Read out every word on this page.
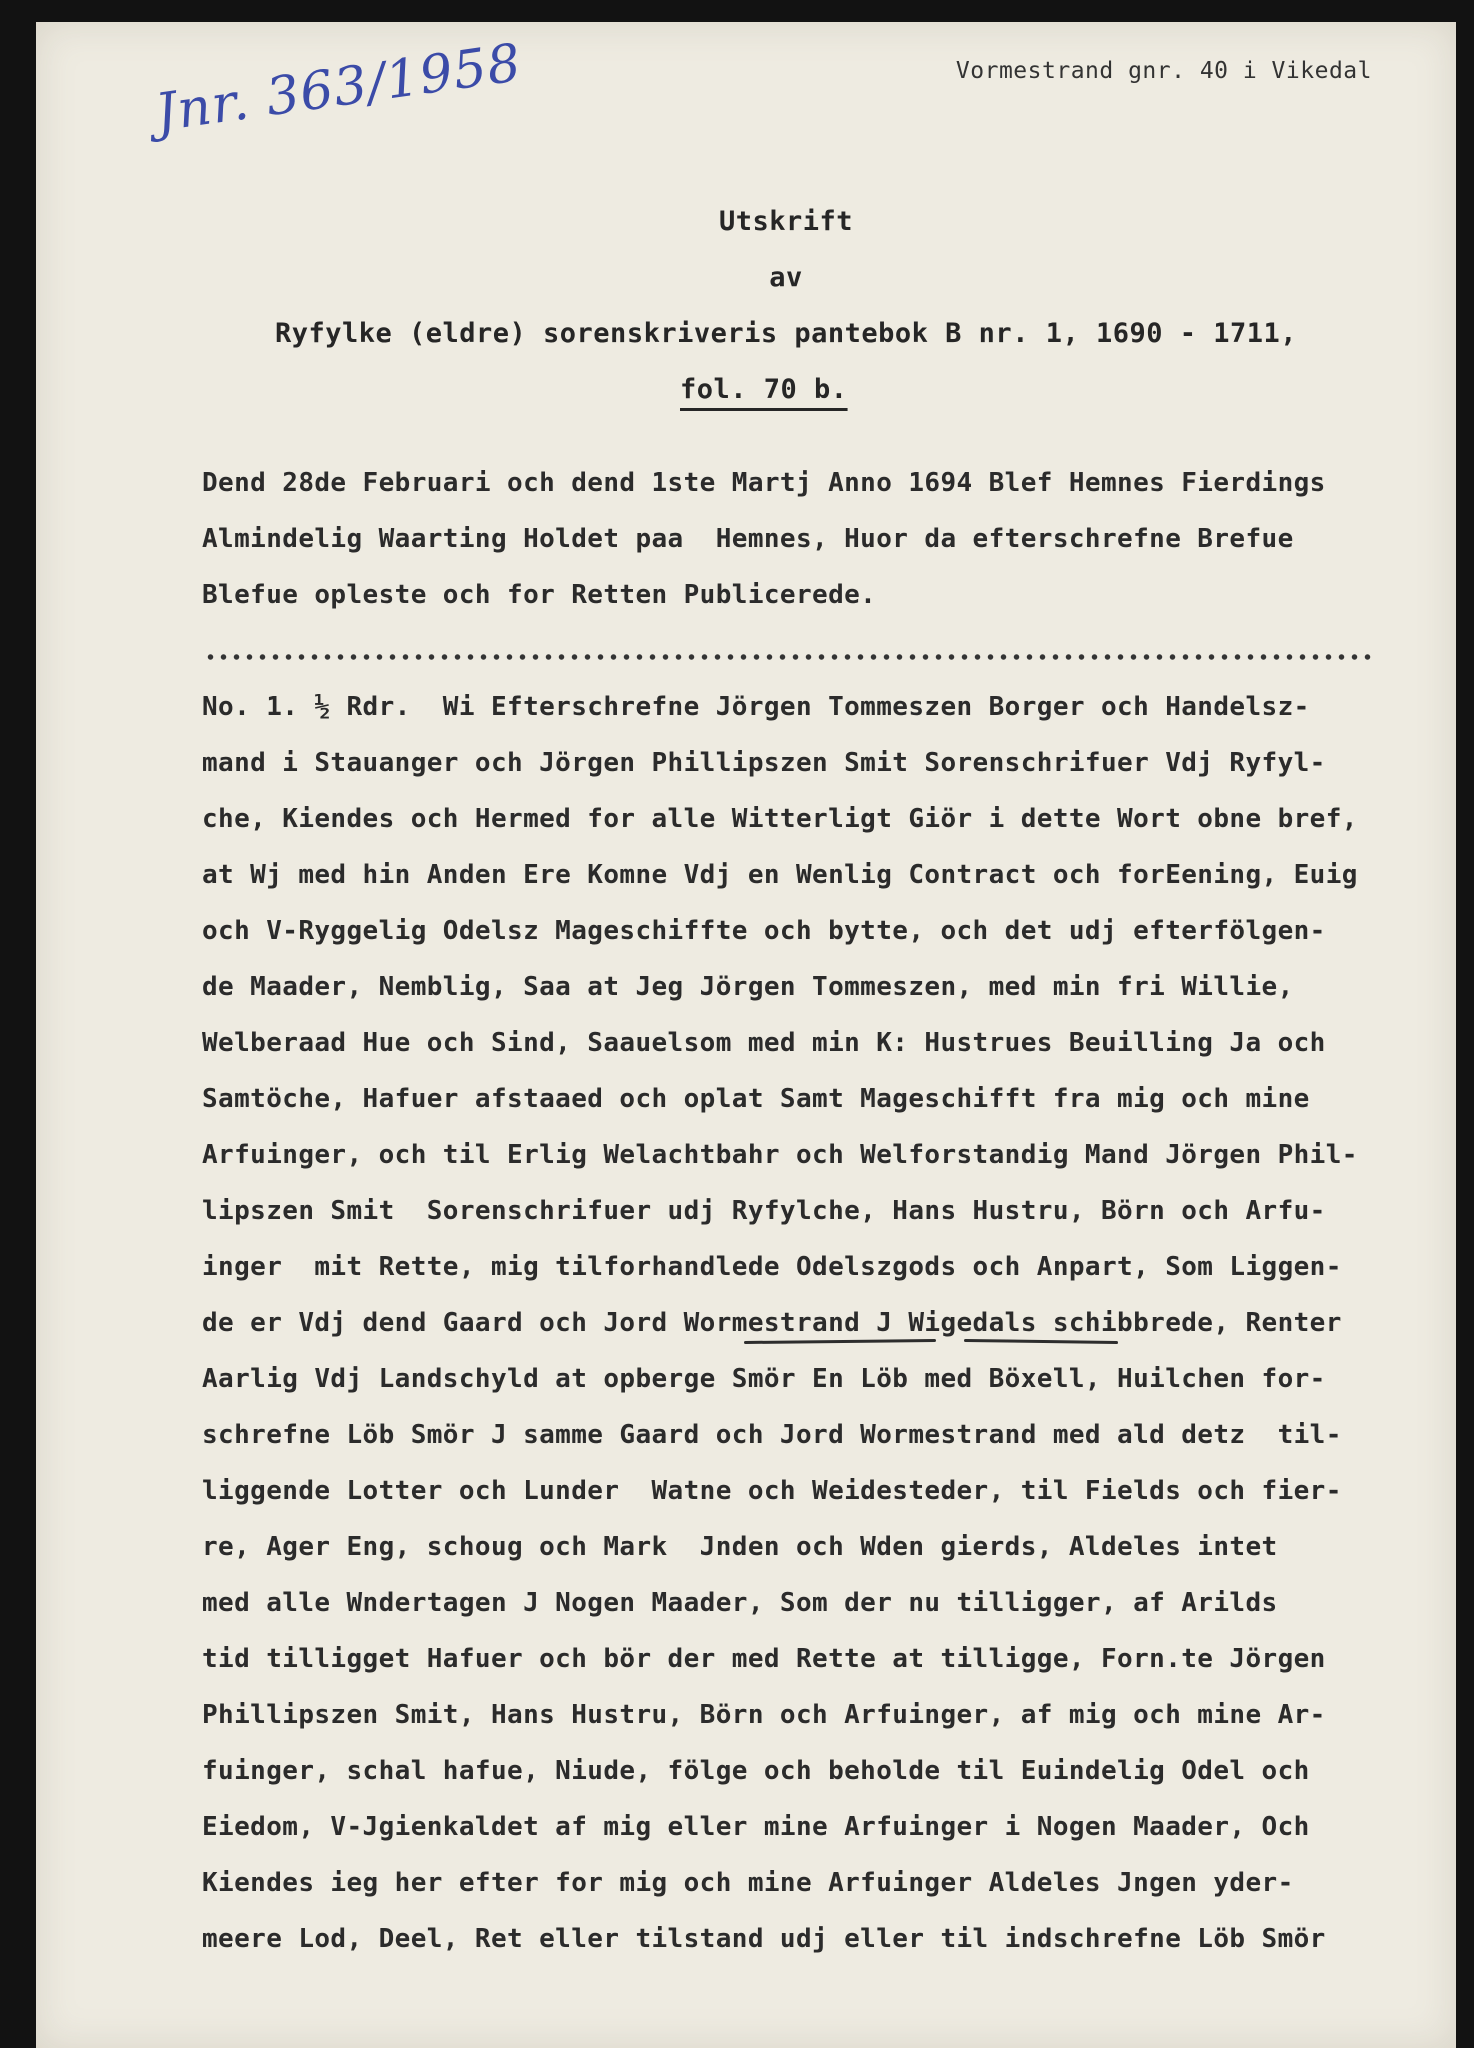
Vormestrand gnr. 40 i Vikedal
Jnr. 363/1958
Utskrift
av
Ryfylke (eldre) sorenskriveris pantebok B nr. 1, 1690 - 1711,
fol. 70 b.
Dend 28de Februari och dend 1ste Martj Anno 1694 Blef Hemnes Fierdings
Almindelig Waarting Holdet paa  Hemnes, Huor da efterschrefne Brefue
Blefue opleste och for Retten Publicerede.
No. 1. ½ Rdr.  Wi Efterschrefne Jörgen Tommeszen Borger och Handelsz-
mand i Stauanger och Jörgen Phillipszen Smit Sorenschrifuer Vdj Ryfyl-
che, Kiendes och Hermed for alle Witterligt Giör i dette Wort obne bref,
at Wj med hin Anden Ere Komne Vdj en Wenlig Contract och forEening, Euig
och V-Ryggelig Odelsz Mageschiffte och bytte, och det udj efterfölgen-
de Maader, Nemblig, Saa at Jeg Jörgen Tommeszen, med min fri Willie,
Welberaad Hue och Sind, Saauelsom med min K: Hustrues Beuilling Ja och
Samtöche, Hafuer afstaaed och oplat Samt Mageschifft fra mig och mine
Arfuinger, och til Erlig Welachtbahr och Welforstandig Mand Jörgen Phil-
lipszen Smit  Sorenschrifuer udj Ryfylche, Hans Hustru, Börn och Arfu-
inger  mit Rette, mig tilforhandlede Odelszgods och Anpart, Som Liggen-
de er Vdj dend Gaard och Jord Wormestrand J Wigedals schibbrede, Renter
Aarlig Vdj Landschyld at opberge Smör En Löb med Böxell, Huilchen for-
schrefne Löb Smör J samme Gaard och Jord Wormestrand med ald detz  til-
liggende Lotter och Lunder  Watne och Weidesteder, til Fields och fier-
re, Ager Eng, schoug och Mark  Jnden och Wden gierds, Aldeles intet
med alle Wndertagen J Nogen Maader, Som der nu tilligger, af Arilds
tid tilligget Hafuer och bör der med Rette at tilligge, Forn.te Jörgen
Phillipszen Smit, Hans Hustru, Börn och Arfuinger, af mig och mine Ar-
fuinger, schal hafue, Niude, fölge och beholde til Euindelig Odel och
Eiedom, V-Jgienkaldet af mig eller mine Arfuinger i Nogen Maader, Och
Kiendes ieg her efter for mig och mine Arfuinger Aldeles Jngen yder-
meere Lod, Deel, Ret eller tilstand udj eller til indschrefne Löb Smör
